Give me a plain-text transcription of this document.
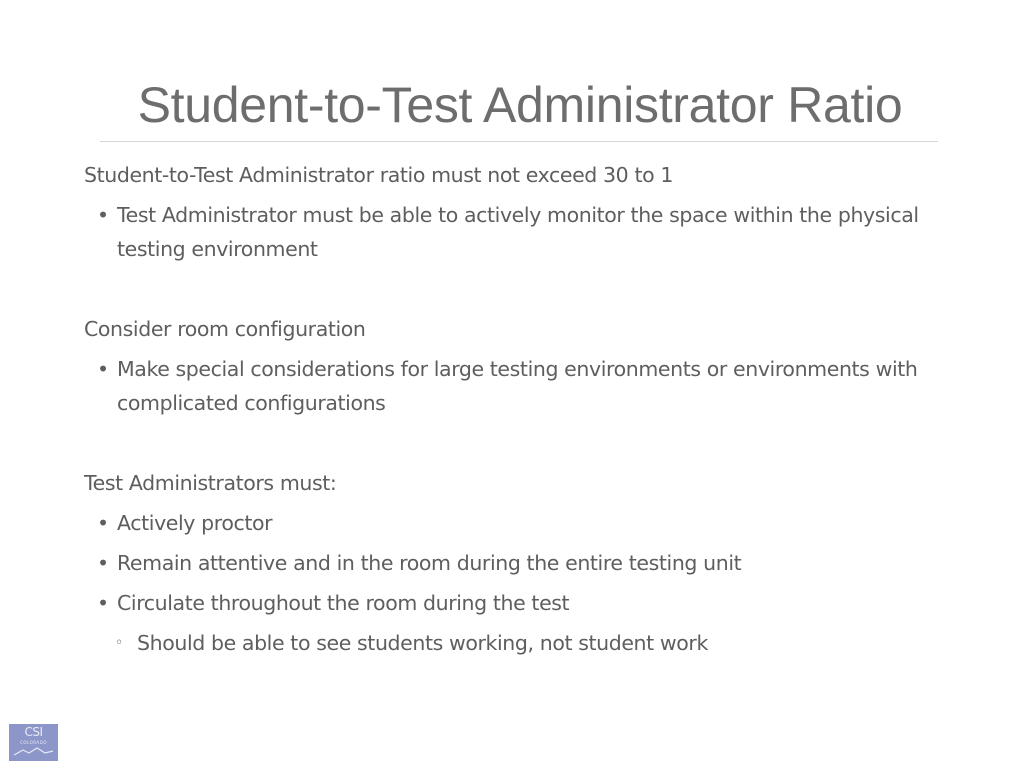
Student-to-Test Administrator Ratio

Student-to-Test Administrator ratio must not exceed 30 to 1

• Test Administrator must be able to actively monitor the space within the physical testing environment

Consider room configuration

• Make special considerations for large testing environments or environments with complicated configurations

Test Administrators must:

• Actively proctor
• Remain attentive and in the room during the entire testing unit
• Circulate throughout the room during the test
◦ Should be able to see students working, not student work
CSI
COLORADO
